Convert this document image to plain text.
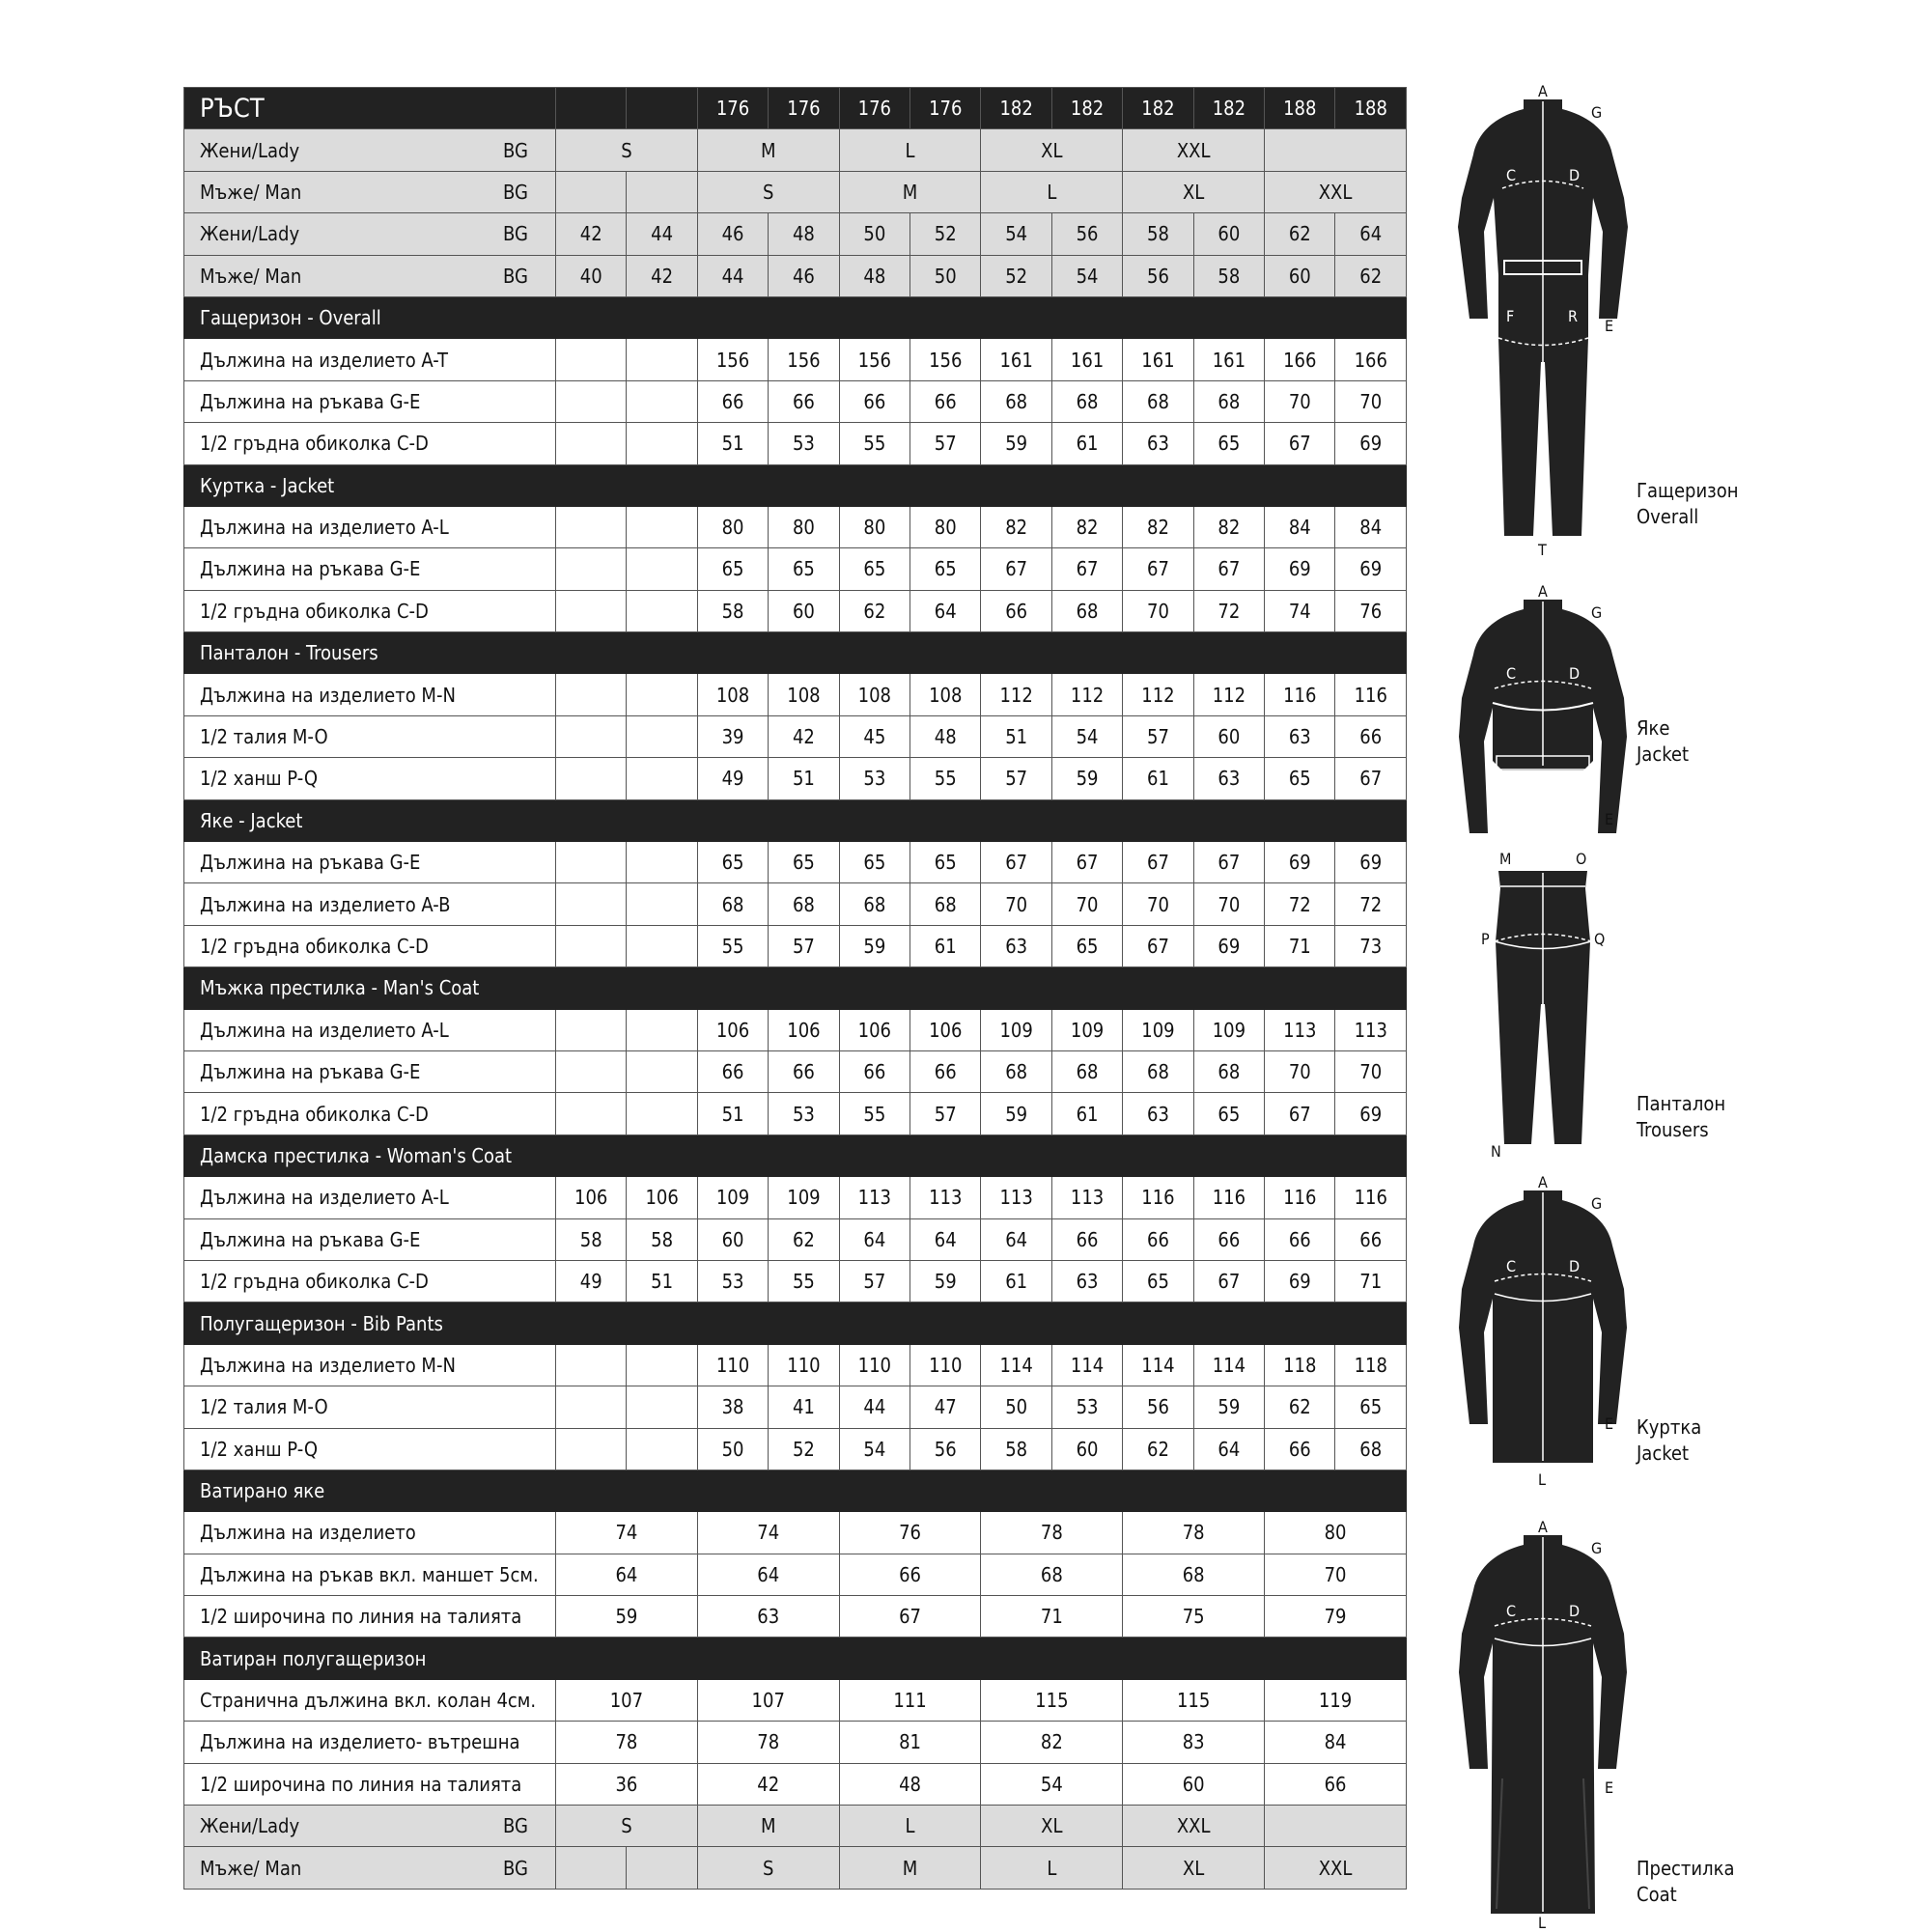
РЪСТ			176	176	176	176	182	182	182	182	188	188
Жени/Lady BG	S		M		L		XL		XXL			
Мъже/ Man BG			S		M		L		XL		XXL	
Жени/Lady BG	42	44	46	48	50	52	54	56	58	60	62	64
Мъже/ Man BG	40	42	44	46	48	50	52	54	56	58	60	62
Гащеризон - Overall												
Дължина на изделието A-T			156	156	156	156	161	161	161	161	166	166
Дължина на ръкава G-E			66	66	66	66	68	68	68	68	70	70
1/2 гръдна обиколка C-D			51	53	55	57	59	61	63	65	67	69
Куртка - Jacket												
Дължина на изделието A-L			80	80	80	80	82	82	82	82	84	84
Дължина на ръкава G-E			65	65	65	65	67	67	67	67	69	69
1/2 гръдна обиколка C-D			58	60	62	64	66	68	70	72	74	76
Панталон - Trousers												
Дължина на изделието M-N			108	108	108	108	112	112	112	112	116	116
1/2 талия M-O			39	42	45	48	51	54	57	60	63	66
1/2 ханш P-Q			49	51	53	55	57	59	61	63	65	67
Яке - Jacket												
Дължина на ръкава G-E			65	65	65	65	67	67	67	67	69	69
Дължина на изделието A-B			68	68	68	68	70	70	70	70	72	72
1/2 гръдна обиколка C-D			55	57	59	61	63	65	67	69	71	73
Мъжка престилка - Man's Coat												
Дължина на изделието A-L			106	106	106	106	109	109	109	109	113	113
Дължина на ръкава G-E			66	66	66	66	68	68	68	68	70	70
1/2 гръдна обиколка C-D			51	53	55	57	59	61	63	65	67	69
Дамска престилка - Woman's Coat												
Дължина на изделието A-L	106	106	109	109	113	113	113	113	116	116	116	116
Дължина на ръкава G-E	58	58	60	62	64	64	64	66	66	66	66	66
1/2 гръдна обиколка C-D	49	51	53	55	57	59	61	63	65	67	69	71
Полугащеризон - Bib Pants												
Дължина на изделието M-N			110	110	110	110	114	114	114	114	118	118
1/2 талия M-O			38	41	44	47	50	53	56	59	62	65
1/2 ханш P-Q			50	52	54	56	58	60	62	64	66	68
Ватирано яке												
Дължина на изделието	74		74		76		78		78		80	
Дължина на ръкав вкл. маншет 5см.	64		64		66		68		68		70	
1/2 широчина по линия на талията	59		63		67		71		75		79	
Ватиран полугащеризон												
Странична дължина вкл. колан 4см.	107		107		111		115		115		119	
Дължина на изделието- вътрешна	78		78		81		82		83		84	
1/2 широчина по линия на талията	36		42		48		54		60		66	
Жени/Lady BG	S		M		L		XL		XXL			
Мъже/ Man BG			S		M		L		XL		XXL	
A
G
C	D
F	R
E
T
Гащеризон
Overall
A
G
C	D
H B J
E
Яке
Jacket
M	O
P	Q
N
Панталон
Trousers
A
G
C	D
E
L
Куртка
Jacket
A
G
C	D
E
L
Престилка
Coat
